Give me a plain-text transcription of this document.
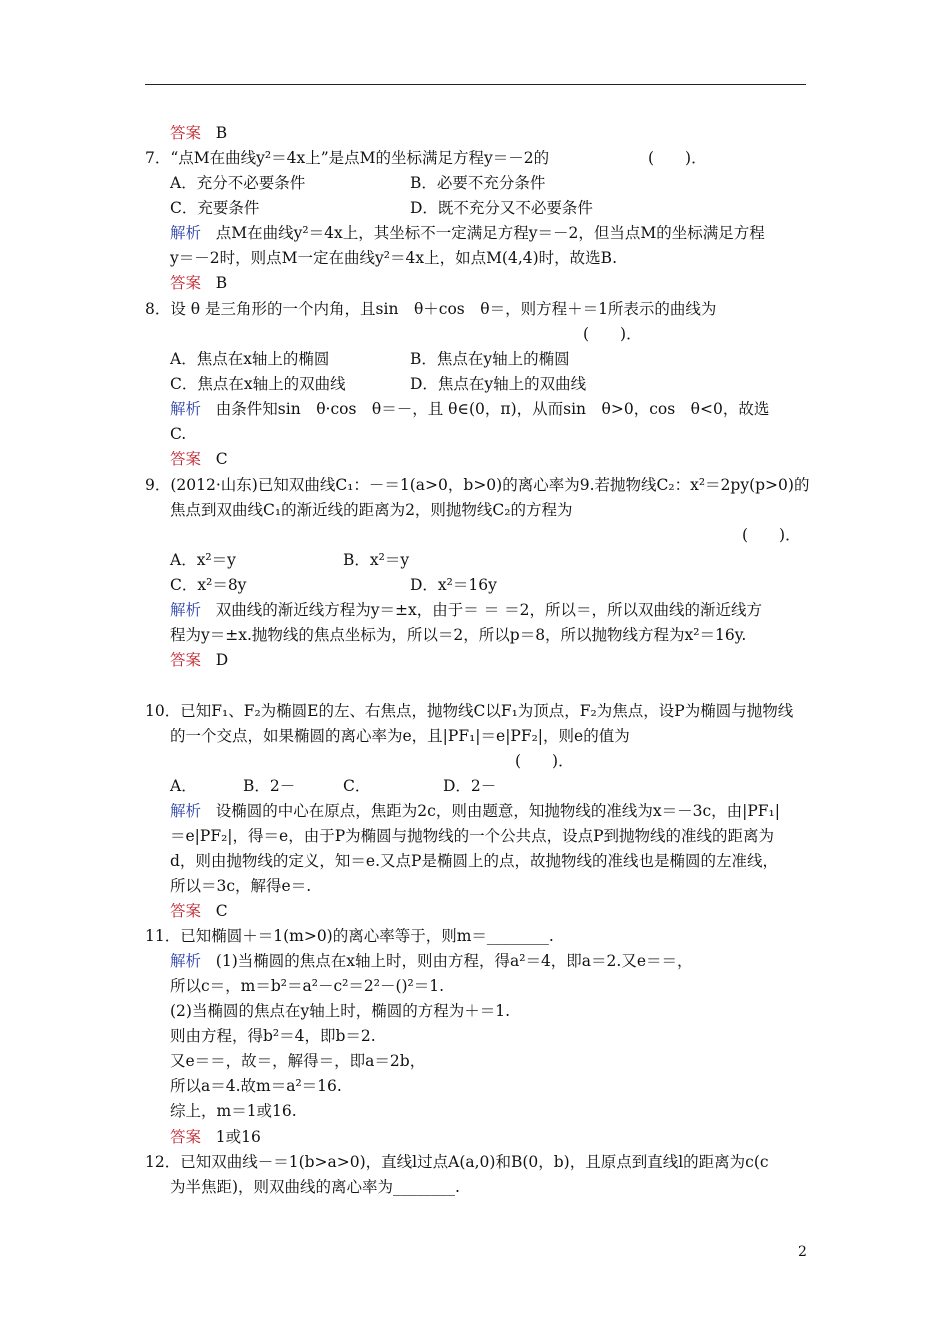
答案 B
7．“点M在曲线y²＝4x上”是点M的坐标满足方程y＝－2的	(　　)．
A．充分不必要条件	B．必要不充分条件
C．充要条件	D．既不充分又不必要条件
解析 点M在曲线y²＝4x上，其坐标不一定满足方程y＝－2，但当点M的坐标满足方程
y＝－2时，则点M一定在曲线y²＝4x上，如点M(4,4)时，故选B.
答案 B
8．设 θ 是三角形的一个内角，且sin　θ＋cos　θ＝，则方程＋＝1所表示的曲线为
(　　)．
A．焦点在x轴上的椭圆	B．焦点在y轴上的椭圆
C．焦点在x轴上的双曲线	D．焦点在y轴上的双曲线
解析 由条件知sin　θ·cos　θ＝－，且 θ∈(0，π)，从而sin　θ>0，cos　θ<0，故选
C.
答案 C
9．(2012·山东)已知双曲线C₁：－＝1(a>0，b>0)的离心率为9.若抛物线C₂：x²＝2py(p>0)的
焦点到双曲线C₁的渐近线的距离为2，则抛物线C₂的方程为
(　　)．
A．x²＝y	B．x²＝y
C．x²＝8y	D．x²＝16y
解析 双曲线的渐近线方程为y＝±x，由于＝ ＝ ＝2，所以＝，所以双曲线的渐近线方
程为y＝±x.抛物线的焦点坐标为，所以＝2，所以p＝8，所以抛物线方程为x²＝16y.
答案 D
10．已知F₁、F₂为椭圆E的左、右焦点，抛物线C以F₁为顶点，F₂为焦点，设P为椭圆与抛物线
的一个交点，如果椭圆的离心率为e，且|PF₁|＝e|PF₂|，则e的值为
(　　)．
A．	B．2－	C．	D．2－
解析 设椭圆的中心在原点，焦距为2c，则由题意，知抛物线的准线为x＝－3c，由|PF₁|
＝e|PF₂|，得＝e，由于P为椭圆与抛物线的一个公共点，设点P到抛物线的准线的距离为
d，则由抛物线的定义，知＝e.又点P是椭圆上的点，故抛物线的准线也是椭圆的左准线，
所以＝3c，解得e＝.
答案 C
11．已知椭圆＋＝1(m>0)的离心率等于，则m＝________.
解析 (1)当椭圆的焦点在x轴上时，则由方程，得a²＝4，即a＝2.又e＝＝，
所以c＝，m＝b²＝a²－c²＝2²－()²＝1.
(2)当椭圆的焦点在y轴上时，椭圆的方程为＋＝1.
则由方程，得b²＝4，即b＝2.
又e＝＝，故＝，解得＝，即a＝2b，
所以a＝4.故m＝a²＝16.
综上，m＝1或16.
答案 1或16
12．已知双曲线－＝1(b>a>0)，直线l过点A(a,0)和B(0，b)，且原点到直线l的距离为c(c
为半焦距)，则双曲线的离心率为________.
2
